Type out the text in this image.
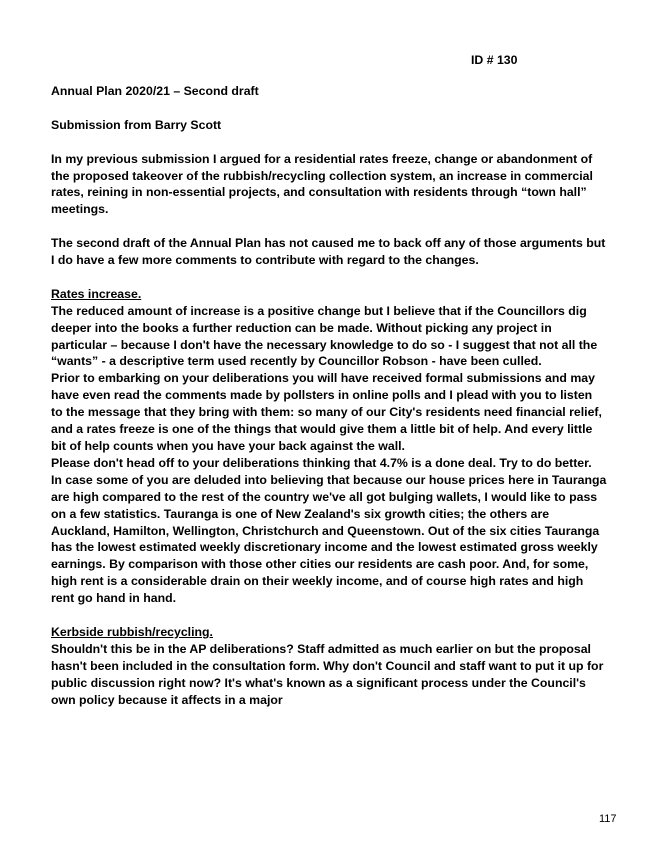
ID # 130

Annual Plan 2020/21 – Second draft

Submission from Barry Scott

In my previous submission I argued for a residential rates freeze, change or abandonment of the proposed takeover of the rubbish/recycling collection system, an increase in commercial rates, reining in non-essential projects, and consultation with residents through “town hall” meetings.

The second draft of the Annual Plan has not caused me to back off any of those arguments but I do have a few more comments to contribute with regard to the changes.

Rates increase.

The reduced amount of increase is a positive change but I believe that if the Councillors dig deeper into the books a further reduction can be made. Without picking any project in particular – because I don't have the necessary knowledge to do so - I suggest that not all the “wants” - a descriptive term used recently by Councillor Robson - have been culled.

Prior to embarking on your deliberations you will have received formal submissions and may have even read the comments made by pollsters in online polls and I plead with you to listen to the message that they bring with them: so many of our City's residents need financial relief, and a rates freeze is one of the things that would give them a little bit of help. And every little bit of help counts when you have your back against the wall.

Please don't head off to your deliberations thinking that 4.7% is a done deal. Try to do better.

In case some of you are deluded into believing that because our house prices here in Tauranga are high compared to the rest of the country we've all got bulging wallets, I would like to pass on a few statistics. Tauranga is one of New Zealand's six growth cities; the others are Auckland, Hamilton, Wellington, Christchurch and Queenstown. Out of the six cities Tauranga has the lowest estimated weekly discretionary income and the lowest estimated gross weekly earnings. By comparison with those other cities our residents are cash poor. And, for some, high rent is a considerable drain on their weekly income, and of course high rates and high rent go hand in hand.

Kerbside rubbish/recycling.

Shouldn't this be in the AP deliberations? Staff admitted as much earlier on but the proposal hasn't been included in the consultation form. Why don't Council and staff want to put it up for public discussion right now? It's what's known as a significant process under the Council's own policy because it affects in a major

117
